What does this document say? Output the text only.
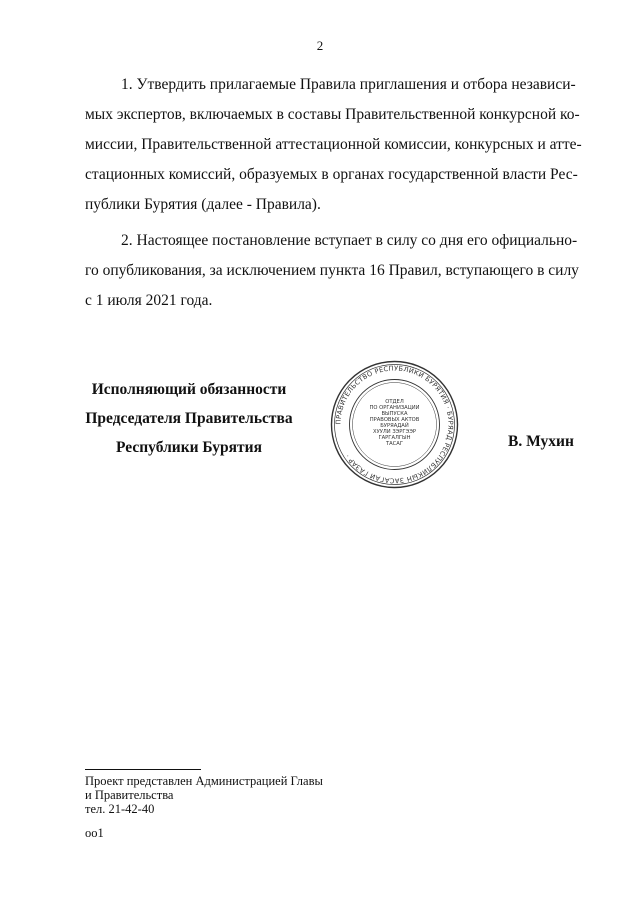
2

1. Утвердить прилагаемые Правила приглашения и отбора независи-
мых экспертов, включаемых в составы Правительственной конкурсной ко-
миссии, Правительственной аттестационной комиссии, конкурсных и атте-
стационных комиссий, образуемых в органах государственной власти Рес-
публики Бурятия (далее - Правила).

2. Настоящее постановление вступает в силу со дня его официально-
го опубликования, за исключением пункта 16 Правил, вступающего в силу
с 1 июля 2021 года.

Исполняющий обязанности
Председателя Правительства
Республики Бурятия
ПРАВИТЕЛЬСТВО РЕСПУБЛИКИ БУРЯТИЯ · БУРЯАД РЕСПУБЛИКЫН ЗАСАГАЙ ГАЗАР ·
ОТДЕЛ
ПО ОРГАНИЗАЦИИ
ВЫПУСКА
ПРАВОВЫХ АКТОВ
БУРЯАДАЙ
ХУУЛИ ЗЭРГЭЭР
ГАРГАЛГЫН
ТАСАГ	В. Мухин
Проект представлен Администрацией Главы
и Правительства
тел. 21-42-40
оо1
